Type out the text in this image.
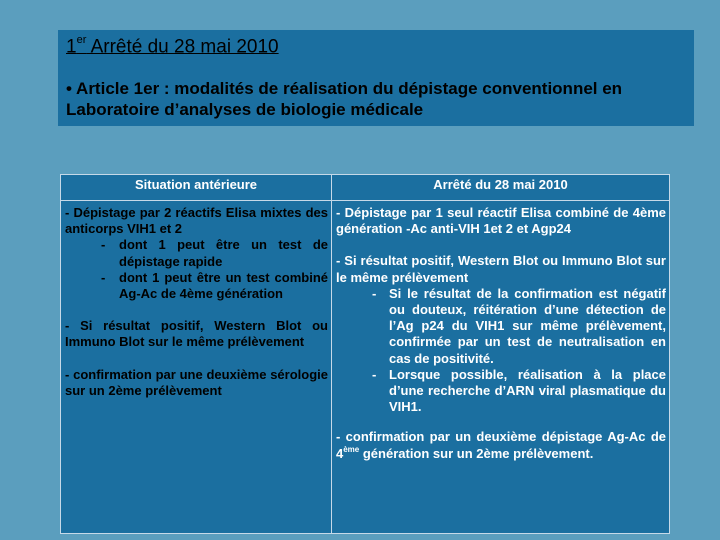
1er Arrêté du 28 mai 2010
• Article 1er : modalités de réalisation du dépistage conventionnel en Laboratoire d’analyses de biologie médicale
Situation antérieure

- Dépistage par 2 réactifs Elisa mixtes des anticorps VIH1 et 2

- dont 1 peut être un test de dépistage rapide
- dont 1 peut être un test combiné Ag-Ac de 4ème génération

- Si résultat positif, Western Blot ou Immuno Blot sur le même prélèvement

- confirmation par une deuxième sérologie sur un 2ème prélèvement

Arrêté du 28 mai 2010

- Dépistage par 1 seul réactif Elisa combiné de 4ème génération -Ac anti-VIH 1et 2 et Agp24

- Si résultat positif, Western Blot ou Immuno Blot sur le même prélèvement

- Si le résultat de la confirmation est négatif ou douteux, réitération d’une détection de l’Ag p24 du VIH1 sur même prélèvement, confirmée par un test de neutralisation en cas de positivité.
- Lorsque possible, réalisation à la place d’une recherche d’ARN viral plasmatique du VIH1.

- confirmation par un deuxième dépistage Ag-Ac de 4ème génération sur un 2ème prélèvement.
